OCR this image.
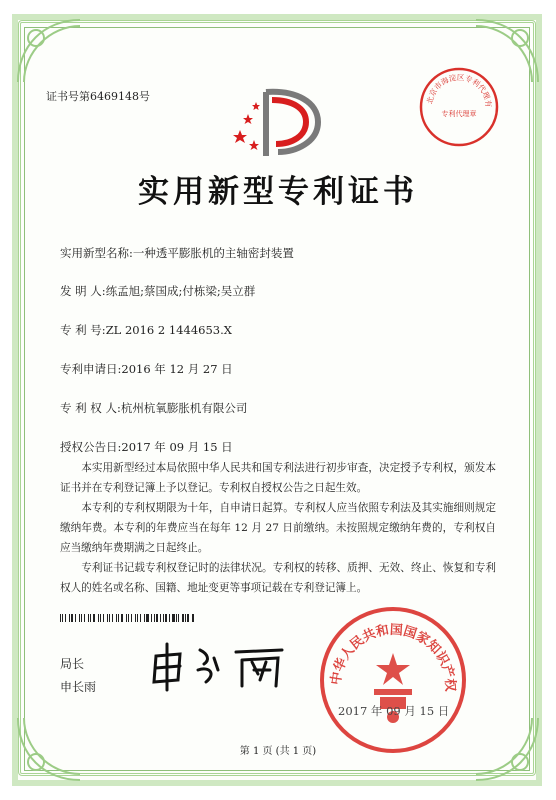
证书号第6469148号	北京市海淀区专利代理有
专利代理章
实用新型专利证书
实用新型名称:一种透平膨胀机的主轴密封装置
发 明 人:练孟旭;蔡国成;付栋梁;吴立群
专 利 号:ZL 2016 2 1444653.X
专利申请日:2016 年 12 月 27 日
专 利 权 人:杭州杭氧膨胀机有限公司
授权公告日:2017 年 09 月 15 日

本实用新型经过本局依照中华人民共和国专利法进行初步审查，决定授予专利权，颁发本证书并在专利登记簿上予以登记。专利权自授权公告之日起生效。

本专利的专利权期限为十年，自申请日起算。专利权人应当依照专利法及其实施细则规定缴纳年费。本专利的年费应当在每年 12 月 27 日前缴纳。未按照规定缴纳年费的，专利权自应当缴纳年费期满之日起终止。

专利证书记载专利权登记时的法律状况。专利权的转移、质押、无效、终止、恢复和专利权人的姓名或名称、国籍、地址变更等事项记载在专利登记簿上。

局长
申长雨
中华人民共和国国家知识产权
2017 年 09 月 15 日
第 1 页 (共 1 页)
